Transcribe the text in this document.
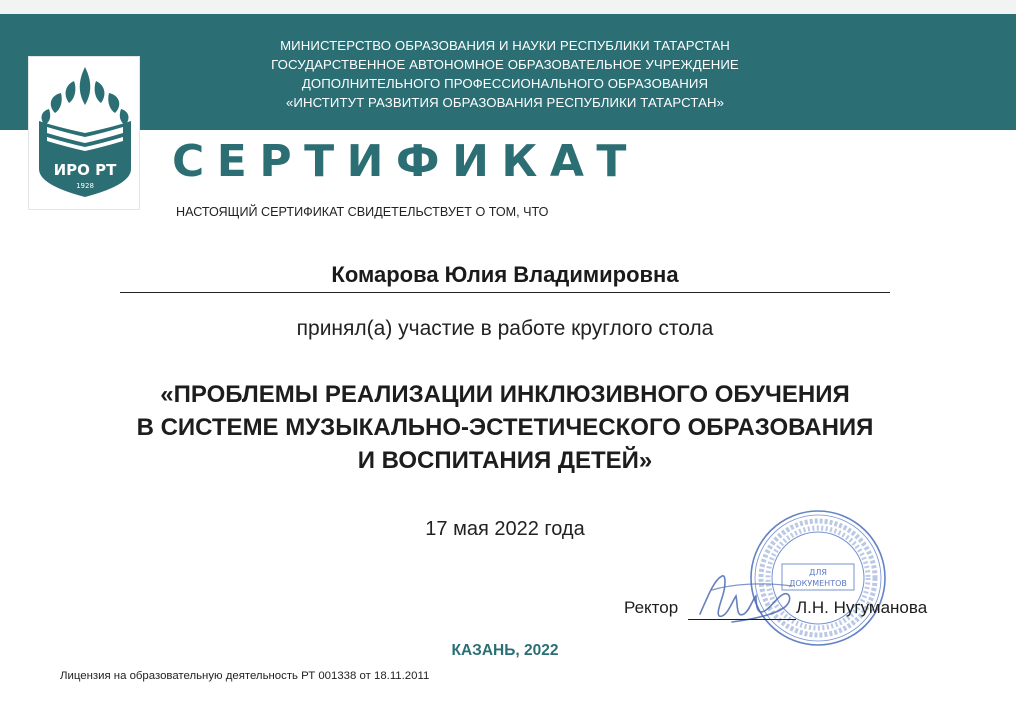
МИНИСТЕРСТВО ОБРАЗОВАНИЯ И НАУКИ РЕСПУБЛИКИ ТАТАРСТАН
ГОСУДАРСТВЕННОЕ АВТОНОМНОЕ ОБРАЗОВАТЕЛЬНОЕ УЧРЕЖДЕНИЕ
ДОПОЛНИТЕЛЬНОГО ПРОФЕССИОНАЛЬНОГО ОБРАЗОВАНИЯ
«ИНСТИТУТ РАЗВИТИЯ ОБРАЗОВАНИЯ РЕСПУБЛИКИ ТАТАРСТАН»
ИРО РТ
1928 СЕРТИФИКАТ
НАСТОЯЩИЙ СЕРТИФИКАТ СВИДЕТЕЛЬСТВУЕТ О ТОМ, ЧТО
Комарова Юлия Владимировна
принял(а) участие в работе круглого стола
«ПРОБЛЕМЫ РЕАЛИЗАЦИИ ИНКЛЮЗИВНОГО ОБУЧЕНИЯ
В СИСТЕМЕ МУЗЫКАЛЬНО-ЭСТЕТИЧЕСКОГО ОБРАЗОВАНИЯ
И ВОСПИТАНИЯ ДЕТЕЙ»
17 мая 2022 года
ДЛЯ
ДОКУМЕНТОВ
Ректор	Л.Н. Нугуманова
КАЗАНЬ, 2022
Лицензия на образовательную деятельность РТ 001338 от 18.11.2011
